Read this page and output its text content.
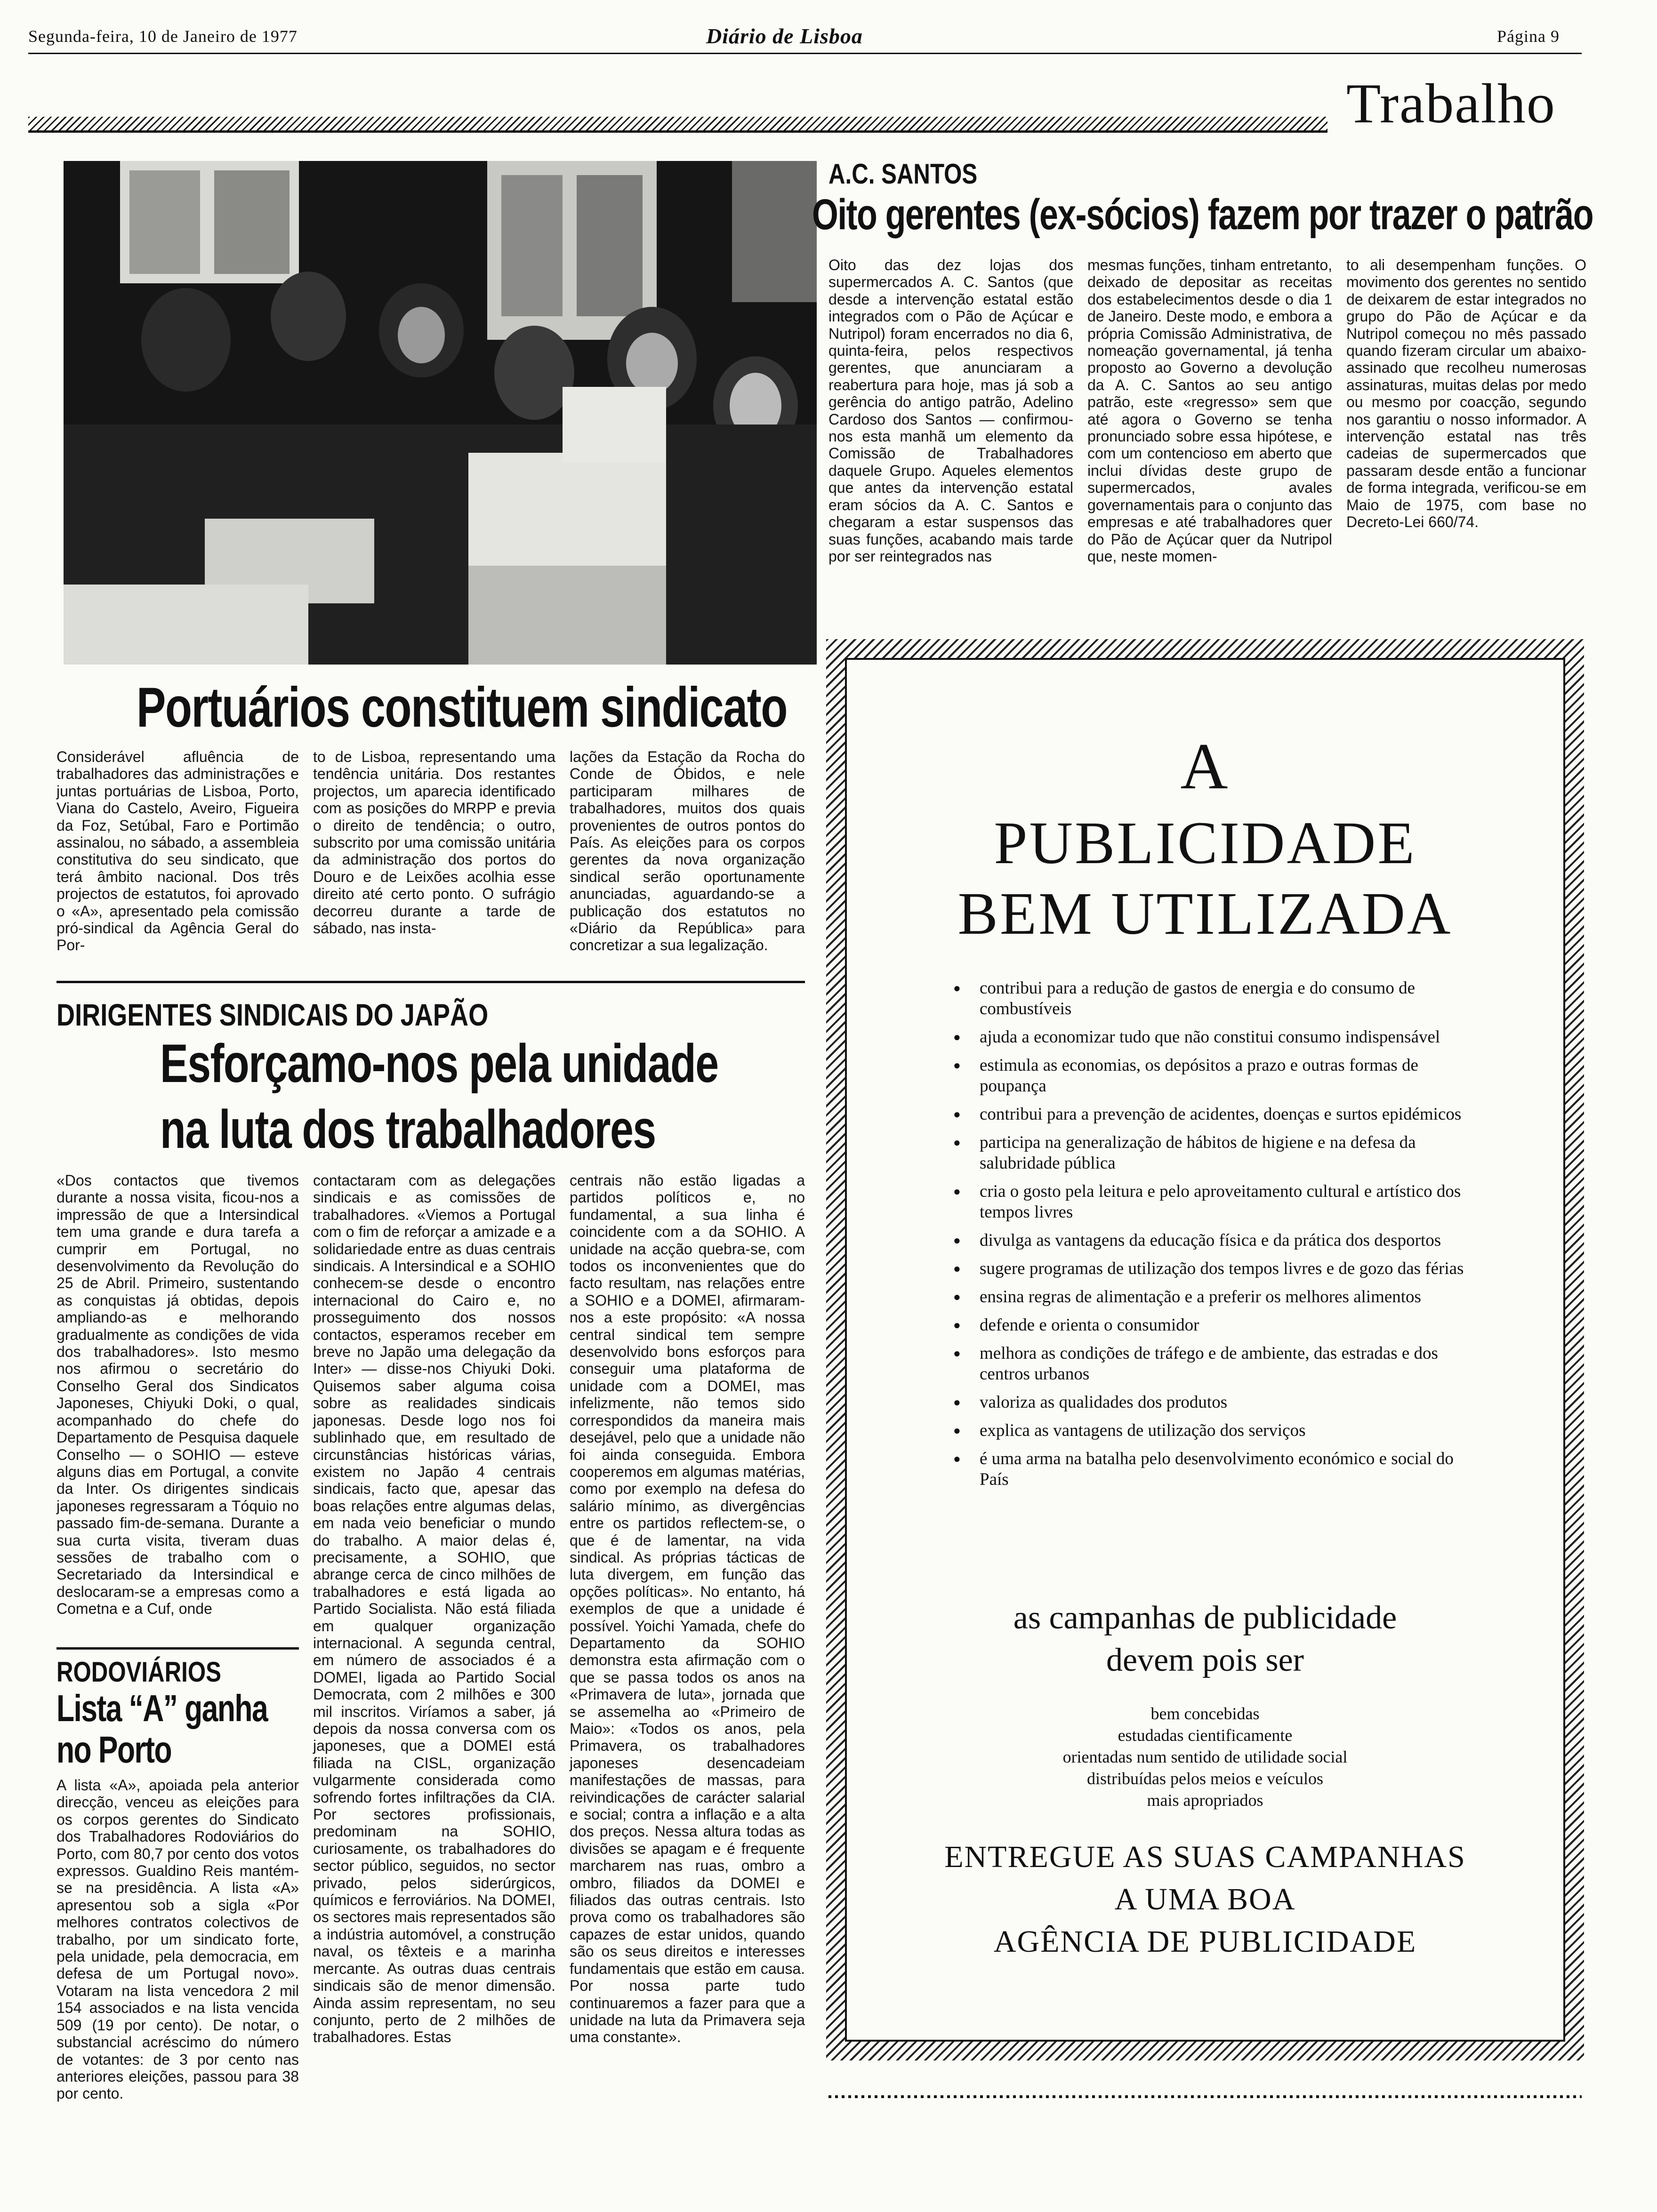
Segunda-feira, 10 de Janeiro de 1977	Diário de Lisboa	Página 9
Trabalho
A.C. SANTOS
Oito gerentes (ex-sócios) fazem por trazer o patrão
Oito das dez lojas dos supermercados A. C. Santos (que desde a intervenção estatal estão integrados com o Pão de Açúcar e Nutripol) foram encerrados no dia 6, quinta-feira, pelos respectivos gerentes, que anunciaram a reabertura para hoje, mas já sob a gerência do antigo patrão, Adelino Cardoso dos Santos — confirmou-nos esta manhã um elemento da Comissão de Trabalhadores daquele Grupo. Aqueles elementos que antes da intervenção estatal eram sócios da A. C. Santos e chegaram a estar suspensos das suas funções, acabando mais tarde por ser reintegrados nas
mesmas funções, tinham entretanto, deixado de depositar as receitas dos estabelecimentos desde o dia 1 de Janeiro. Deste modo, e embora a própria Comissão Administrativa, de nomeação governamental, já tenha proposto ao Governo a devolução da A. C. Santos ao seu antigo patrão, este «regresso» sem que até agora o Governo se tenha pronunciado sobre essa hipótese, e com um contencioso em aberto que inclui dívidas deste grupo de supermercados, avales governamentais para o conjunto das empresas e até trabalhadores quer do Pão de Açúcar quer da Nutripol que, neste momen-
to ali desempenham funções. O movimento dos gerentes no sentido de deixarem de estar integrados no grupo do Pão de Açúcar e da Nutripol começou no mês passado quando fizeram circular um abaixo-assinado que recolheu numerosas assinaturas, muitas delas por medo ou mesmo por coacção, segundo nos garantiu o nosso informador. A intervenção estatal nas três cadeias de supermercados que passaram desde então a funcionar de forma integrada, verificou-se em Maio de 1975, com base no Decreto-Lei 660/74.
Portuários constituem sindicato
Considerável afluência de trabalhadores das administrações e juntas portuárias de Lisboa, Porto, Viana do Castelo, Aveiro, Figueira da Foz, Setúbal, Faro e Portimão assinalou, no sábado, a assembleia constitutiva do seu sindicato, que terá âmbito nacional. Dos três projectos de estatutos, foi aprovado o «A», apresentado pela comissão pró-sindical da Agência Geral do Por-
to de Lisboa, representando uma tendência unitária. Dos restantes projectos, um aparecia identificado com as posições do MRPP e previa o direito de tendência; o outro, subscrito por uma comissão unitária da administração dos portos do Douro e de Leixões acolhia esse direito até certo ponto. O sufrágio decorreu durante a tarde de sábado, nas insta-
lações da Estação da Rocha do Conde de Óbidos, e nele participaram milhares de trabalhadores, muitos dos quais provenientes de outros pontos do País. As eleições para os corpos gerentes da nova organização sindical serão oportunamente anunciadas, aguardando-se a publicação dos estatutos no «Diário da República» para concretizar a sua legalização.
DIRIGENTES SINDICAIS DO JAPÃO
Esforçamo-nos pela unidade
na luta dos trabalhadores
«Dos contactos que tivemos durante a nossa visita, ficou-nos a impressão de que a Intersindical tem uma grande e dura tarefa a cumprir em Portugal, no desenvolvimento da Revolução do 25 de Abril. Primeiro, sustentando as conquistas já obtidas, depois ampliando-as e melhorando gradualmente as condições de vida dos trabalhadores». Isto mesmo nos afirmou o secretário do Conselho Geral dos Sindicatos Japoneses, Chiyuki Doki, o qual, acompanhado do chefe do Departamento de Pesquisa daquele Conselho — o SOHIO — esteve alguns dias em Portugal, a convite da Inter. Os dirigentes sindicais japoneses regressaram a Tóquio no passado fim-de-semana. Durante a sua curta visita, tiveram duas sessões de trabalho com o Secretariado da Intersindical e deslocaram-se a empresas como a Cometna e a Cuf, onde
contactaram com as delegações sindicais e as comissões de trabalhadores. «Viemos a Portugal com o fim de reforçar a amizade e a solidariedade entre as duas centrais sindicais. A Intersindical e a SOHIO conhecem-se desde o encontro internacional do Cairo e, no prosseguimento dos nossos contactos, esperamos receber em breve no Japão uma delegação da Inter» — disse-nos Chiyuki Doki. Quisemos saber alguma coisa sobre as realidades sindicais japonesas. Desde logo nos foi sublinhado que, em resultado de circunstâncias históricas várias, existem no Japão 4 centrais sindicais, facto que, apesar das boas relações entre algumas delas, em nada veio beneficiar o mundo do trabalho. A maior delas é, precisamente, a SOHIO, que abrange cerca de cinco milhões de trabalhadores e está ligada ao Partido Socialista. Não está filiada em qualquer organização internacional. A segunda central, em número de associados é a DOMEI, ligada ao Partido Social Democrata, com 2 milhões e 300 mil inscritos. Viríamos a saber, já depois da nossa conversa com os japoneses, que a DOMEI está filiada na CISL, organização vulgarmente considerada como sofrendo fortes infiltrações da CIA. Por sectores profissionais, predominam na SOHIO, curiosamente, os trabalhadores do sector público, seguidos, no sector privado, pelos siderúrgicos, químicos e ferroviários. Na DOMEI, os sectores mais representados são a indústria automóvel, a construção naval, os têxteis e a marinha mercante. As outras duas centrais sindicais são de menor dimensão. Ainda assim representam, no seu conjunto, perto de 2 milhões de trabalhadores. Estas
centrais não estão ligadas a partidos políticos e, no fundamental, a sua linha é coincidente com a da SOHIO. A unidade na acção quebra-se, com todos os inconvenientes que do facto resultam, nas relações entre a SOHIO e a DOMEI, afirmaram-nos a este propósito: «A nossa central sindical tem sempre desenvolvido bons esforços para conseguir uma plataforma de unidade com a DOMEI, mas infelizmente, não temos sido correspondidos da maneira mais desejável, pelo que a unidade não foi ainda conseguida. Embora cooperemos em algumas matérias, como por exemplo na defesa do salário mínimo, as divergências entre os partidos reflectem-se, o que é de lamentar, na vida sindical. As próprias tácticas de luta divergem, em função das opções políticas». No entanto, há exemplos de que a unidade é possível. Yoichi Yamada, chefe do Departamento da SOHIO demonstra esta afirmação com o que se passa todos os anos na «Primavera de luta», jornada que se assemelha ao «Primeiro de Maio»: «Todos os anos, pela Primavera, os trabalhadores japoneses desencadeiam manifestações de massas, para reivindicações de carácter salarial e social; contra a inflação e a alta dos preços. Nessa altura todas as divisões se apagam e é frequente marcharem nas ruas, ombro a ombro, filiados da DOMEI e filiados das outras centrais. Isto prova como os trabalhadores são capazes de estar unidos, quando são os seus direitos e interesses fundamentais que estão em causa. Por nossa parte tudo continuaremos a fazer para que a unidade na luta da Primavera seja uma constante».
RODOVIÁRIOS
Lista “A” ganha
no Porto
A lista «A», apoiada pela anterior direcção, venceu as eleições para os corpos gerentes do Sindicato dos Trabalhadores Rodoviários do Porto, com 80,7 por cento dos votos expressos. Gualdino Reis mantém-se na presidência. A lista «A» apresentou sob a sigla «Por melhores contratos colectivos de trabalho, por um sindicato forte, pela unidade, pela democracia, em defesa de um Portugal novo». Votaram na lista vencedora 2 mil 154 associados e na lista vencida 509 (19 por cento). De notar, o substancial acréscimo do número de votantes: de 3 por cento nas anteriores eleições, passou para 38 por cento.
A
PUBLICIDADE
BEM UTILIZADA
● contribui para a redução de gastos de energia e do consumo de combustíveis
● ajuda a economizar tudo que não constitui consumo indispensável
● estimula as economias, os depósitos a prazo e outras formas de poupança
● contribui para a prevenção de acidentes, doenças e surtos epidémicos
● participa na generalização de hábitos de higiene e na defesa da salubridade pública
● cria o gosto pela leitura e pelo aproveitamento cultural e artístico dos tempos livres
● divulga as vantagens da educação física e da prática dos desportos
● sugere programas de utilização dos tempos livres e de gozo das férias
● ensina regras de alimentação e a preferir os melhores alimentos
● defende e orienta o consumidor
● melhora as condições de tráfego e de ambiente, das estradas e dos centros urbanos
● valoriza as qualidades dos produtos
● explica as vantagens de utilização dos serviços
● é uma arma na batalha pelo desenvolvimento económico e social do País
as campanhas de publicidade
devem pois ser
bem concebidas
estudadas cientificamente
orientadas num sentido de utilidade social
distribuídas pelos meios e veículos
mais apropriados
ENTREGUE AS SUAS CAMPANHAS
A UMA BOA
AGÊNCIA DE PUBLICIDADE
